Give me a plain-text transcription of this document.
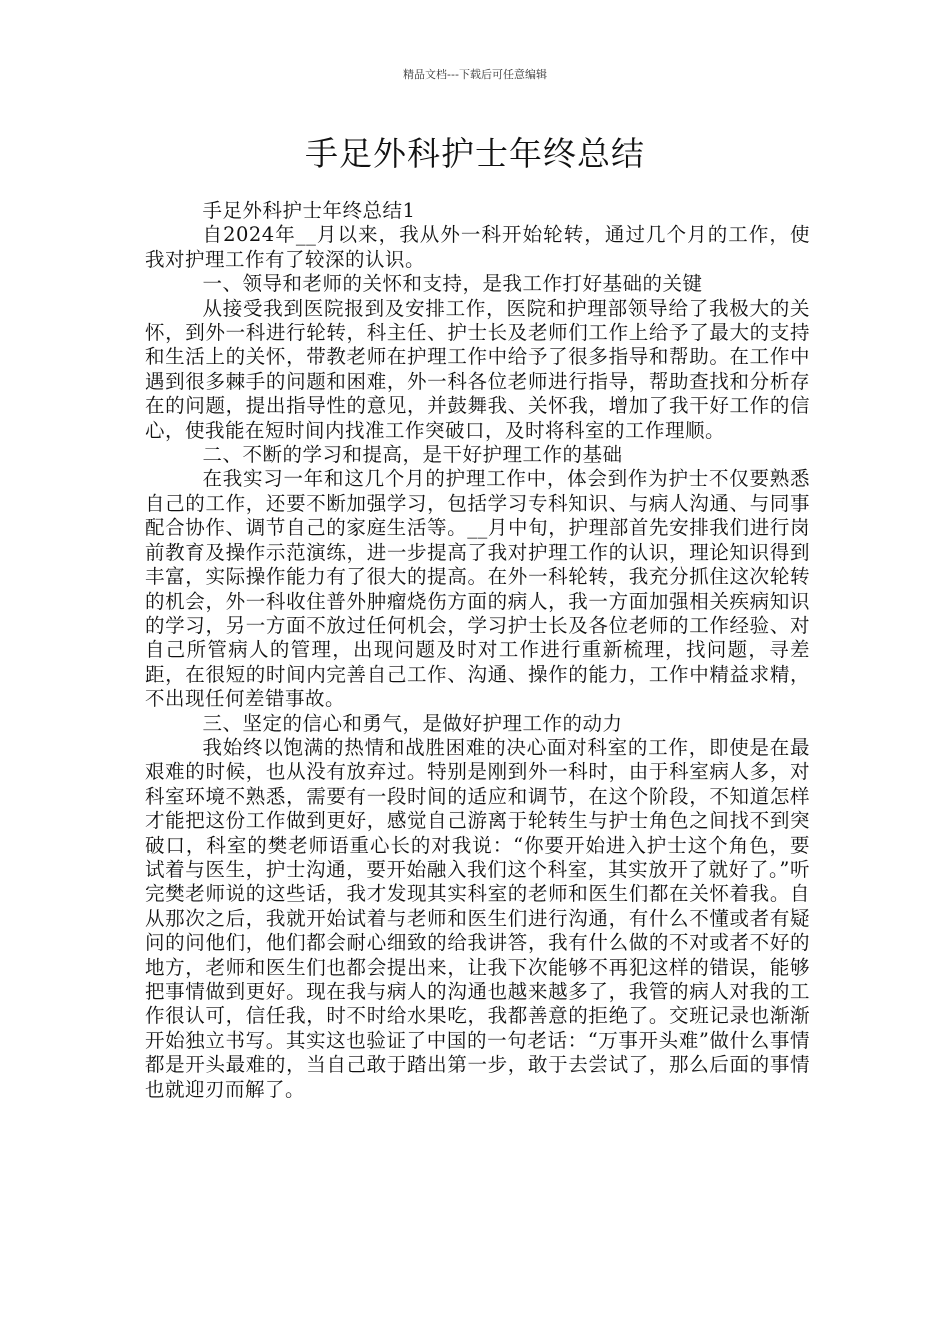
精品文档---下载后可任意编辑
手足外科护士年终总结

手足外科护士年终总结1

自2024年__月以来，我从外一科开始轮转，通过几个月的工作，使我对护理工作有了较深的认识。

一、领导和老师的关怀和支持，是我工作打好基础的关键

从接受我到医院报到及安排工作，医院和护理部领导给了我极大的关怀，到外一科进行轮转，科主任、护士长及老师们工作上给予了最大的支持和生活上的关怀，带教老师在护理工作中给予了很多指导和帮助。在工作中遇到很多棘手的问题和困难，外一科各位老师进行指导，帮助查找和分析存在的问题，提出指导性的意见，并鼓舞我、关怀我，增加了我干好工作的信心，使我能在短时间内找准工作突破口，及时将科室的工作理顺。

二、不断的学习和提高，是干好护理工作的基础

在我实习一年和这几个月的护理工作中，体会到作为护士不仅要熟悉自己的工作，还要不断加强学习，包括学习专科知识、与病人沟通、与同事配合协作、调节自己的家庭生活等。__月中旬，护理部首先安排我们进行岗前教育及操作示范演练，进一步提高了我对护理工作的认识，理论知识得到丰富，实际操作能力有了很大的提高。在外一科轮转，我充分抓住这次轮转的机会，外一科收住普外肿瘤烧伤方面的病人，我一方面加强相关疾病知识的学习，另一方面不放过任何机会，学习护士长及各位老师的工作经验、对自己所管病人的管理，出现问题及时对工作进行重新梳理，找问题，寻差距，在很短的时间内完善自己工作、沟通、操作的能力，工作中精益求精，不出现任何差错事故。

三、坚定的信心和勇气，是做好护理工作的动力

我始终以饱满的热情和战胜困难的决心面对科室的工作，即使是在最艰难的时候，也从没有放弃过。特别是刚到外一科时，由于科室病人多，对科室环境不熟悉，需要有一段时间的适应和调节，在这个阶段，不知道怎样才能把这份工作做到更好，感觉自己游离于轮转生与护士角色之间找不到突破口，科室的樊老师语重心长的对我说：“你要开始进入护士这个角色，要试着与医生，护士沟通，要开始融入我们这个科室，其实放开了就好了。”听完樊老师说的这些话，我才发现其实科室的老师和医生们都在关怀着我。自从那次之后，我就开始试着与老师和医生们进行沟通，有什么不懂或者有疑问的问他们，他们都会耐心细致的给我讲答，我有什么做的不对或者不好的地方，老师和医生们也都会提出来，让我下次能够不再犯这样的错误，能够把事情做到更好。现在我与病人的沟通也越来越多了，我管的病人对我的工作很认可，信任我，时不时给水果吃，我都善意的拒绝了。交班记录也渐渐开始独立书写。其实这也验证了中国的一句老话：“万事开头难”做什么事情都是开头最难的，当自己敢于踏出第一步，敢于去尝试了，那么后面的事情也就迎刃而解了。
